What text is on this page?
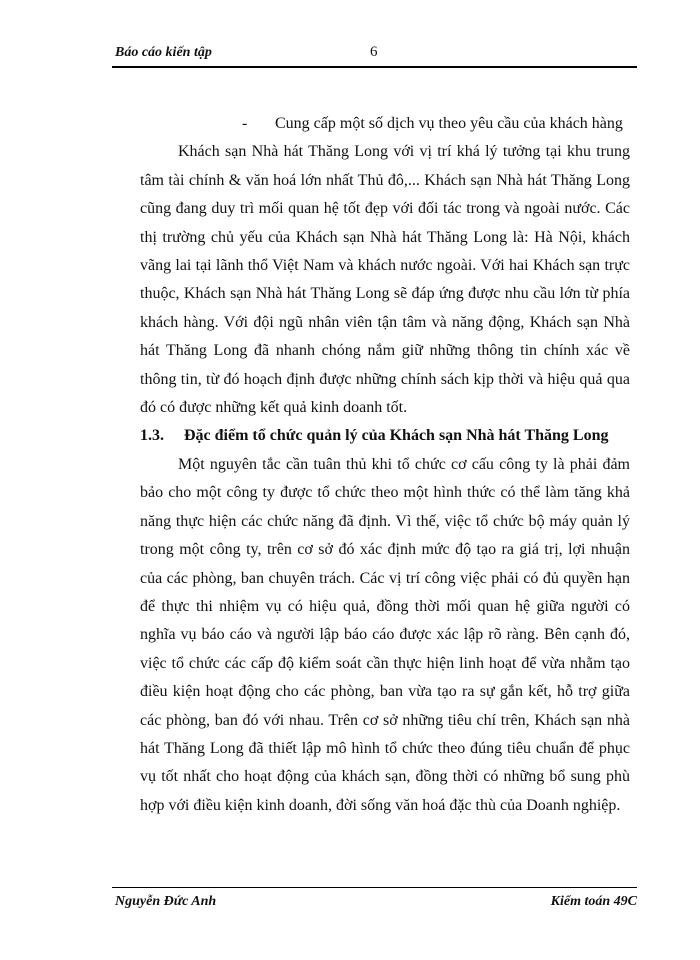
Báo cáo kiến tập	6

- Cung cấp một số dịch vụ theo yêu cầu của khách hàng

Khách sạn Nhà hát Thăng Long với vị trí khá lý tưởng tại khu trung tâm tài chính & văn hoá lớn nhất Thủ đô,... Khách sạn Nhà hát Thăng Long cũng đang duy trì mối quan hệ tốt đẹp với đối tác trong và ngoài nước. Các thị trường chủ yếu của Khách sạn Nhà hát Thăng Long là: Hà Nội, khách vãng lai tại lãnh thổ Việt Nam và khách nước ngoài. Với hai Khách sạn trực thuộc, Khách sạn Nhà hát Thăng Long sẽ đáp ứng được nhu cầu lớn từ phía khách hàng. Với đội ngũ nhân viên tận tâm và năng động, Khách sạn Nhà hát Thăng Long đã nhanh chóng nắm giữ những thông tin chính xác về thông tin, từ đó hoạch định được những chính sách kịp thời và hiệu quả qua đó có được những kết quả kinh doanh tốt.

1.3. Đặc điểm tổ chức quản lý của Khách sạn Nhà hát Thăng Long

Một nguyên tắc cần tuân thủ khi tổ chức cơ cấu công ty là phải đảm bảo cho một công ty được tổ chức theo một hình thức có thể làm tăng khả năng thực hiện các chức năng đã định. Vì thế, việc tổ chức bộ máy quản lý trong một công ty, trên cơ sở đó xác định mức độ tạo ra giá trị, lợi nhuận của các phòng, ban chuyên trách. Các vị trí công việc phải có đủ quyền hạn để thực thi nhiệm vụ có hiệu quả, đồng thời mối quan hệ giữa người có nghĩa vụ báo cáo và người lập báo cáo được xác lập rõ ràng. Bên cạnh đó, việc tổ chức các cấp độ kiểm soát cần thực hiện linh hoạt để vừa nhằm tạo điều kiện hoạt động cho các phòng, ban vừa tạo ra sự gắn kết, hỗ trợ giữa các phòng, ban đó với nhau. Trên cơ sở những tiêu chí trên, Khách sạn nhà hát Thăng Long đã thiết lập mô hình tổ chức theo đúng tiêu chuẩn để phục vụ tốt nhất cho hoạt động của khách sạn, đồng thời có những bổ sung phù hợp với điều kiện kinh doanh, đời sống văn hoá đặc thù của Doanh nghiệp.

Nguyễn Đức Anh	Kiểm toán 49C
